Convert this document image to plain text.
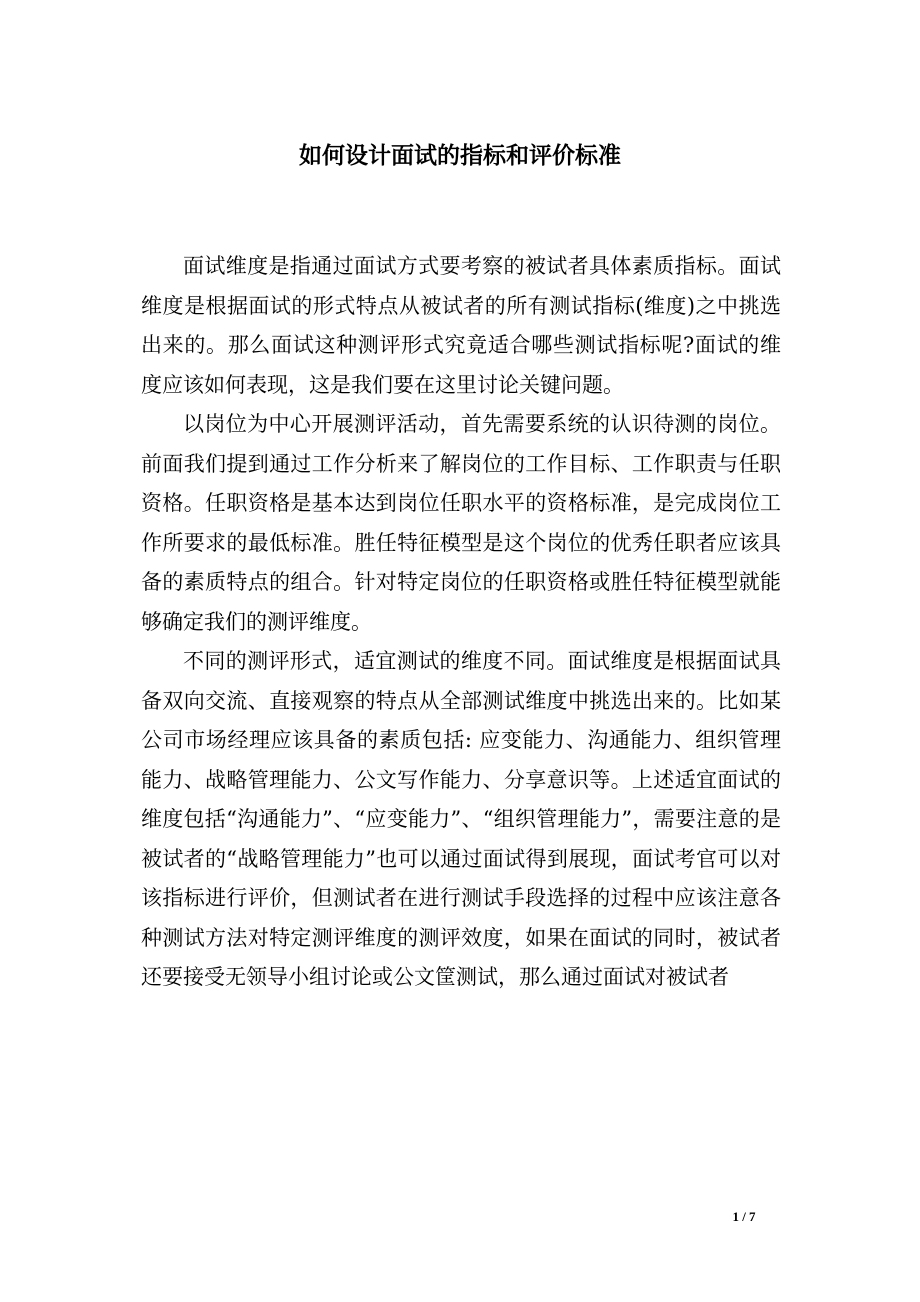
如何设计面试的指标和评价标准

面试维度是指通过面试方式要考察的被试者具体素质指标。面试维度是根据面试的形式特点从被试者的所有测试指标(维度)之中挑选出来的。那么面试这种测评形式究竟适合哪些测试指标呢?面试的维度应该如何表现，这是我们要在这里讨论关键问题。

以岗位为中心开展测评活动，首先需要系统的认识待测的岗位。前面我们提到通过工作分析来了解岗位的工作目标、工作职责与任职资格。任职资格是基本达到岗位任职水平的资格标准，是完成岗位工作所要求的最低标准。胜任特征模型是这个岗位的优秀任职者应该具备的素质特点的组合。针对特定岗位的任职资格或胜任特征模型就能够确定我们的测评维度。

不同的测评形式，适宜测试的维度不同。面试维度是根据面试具备双向交流、直接观察的特点从全部测试维度中挑选出来的。比如某公司市场经理应该具备的素质包括: 应变能力、沟通能力、组织管理能力、战略管理能力、公文写作能力、分享意识等。上述适宜面试的维度包括“沟通能力”、“应变能力”、“组织管理能力”，需要注意的是被试者的“战略管理能力”也可以通过面试得到展现，面试考官可以对该指标进行评价，但测试者在进行测试手段选择的过程中应该注意各种测试方法对特定测评维度的测评效度，如果在面试的同时，被试者还要接受无领导小组讨论或公文筐测试，那么通过面试对被试者

1 / 7
